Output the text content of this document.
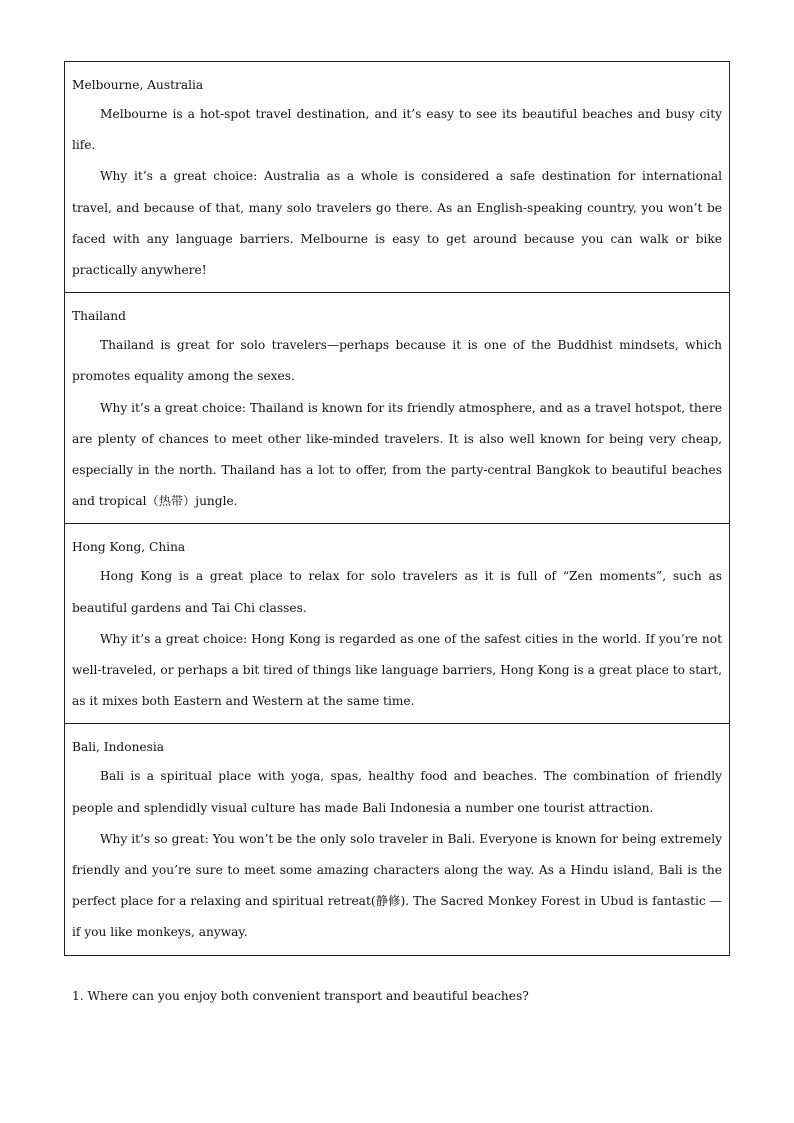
Melbourne, Australia

Melbourne is a hot-spot travel destination, and it’s easy to see its beautiful beaches and busy city life.

Why it’s a great choice: Australia as a whole is considered a safe destination for international travel, and because of that, many solo travelers go there. As an English-speaking country, you won’t be faced with any language barriers. Melbourne is easy to get around because you can walk or bike practically anywhere!

Thailand

Thailand is great for solo travelers—perhaps because it is one of the Buddhist mindsets, which promotes equality among the sexes.

Why it’s a great choice: Thailand is known for its friendly atmosphere, and as a travel hotspot, there are plenty of chances to meet other like-minded travelers. It is also well known for being very cheap, especially in the north. Thailand has a lot to offer, from the party-central Bangkok to beautiful beaches and tropical（热带）jungle.

Hong Kong, China

Hong Kong is a great place to relax for solo travelers as it is full of “Zen moments”, such as beautiful gardens and Tai Chi classes.

Why it’s a great choice: Hong Kong is regarded as one of the safest cities in the world. If you’re not well-traveled, or perhaps a bit tired of things like language barriers, Hong Kong is a great place to start, as it mixes both Eastern and Western at the same time.

Bali, Indonesia

Bali is a spiritual place with yoga, spas, healthy food and beaches. The combination of friendly people and splendidly visual culture has made Bali Indonesia a number one tourist attraction.

Why it’s so great: You won’t be the only solo traveler in Bali. Everyone is known for being extremely friendly and you’re sure to meet some amazing characters along the way. As a Hindu island, Bali is the perfect place for a relaxing and spiritual retreat(静修). The Sacred Monkey Forest in Ubud is fantastic —if you like monkeys, anyway.

1. Where can you enjoy both convenient transport and beautiful beaches?
